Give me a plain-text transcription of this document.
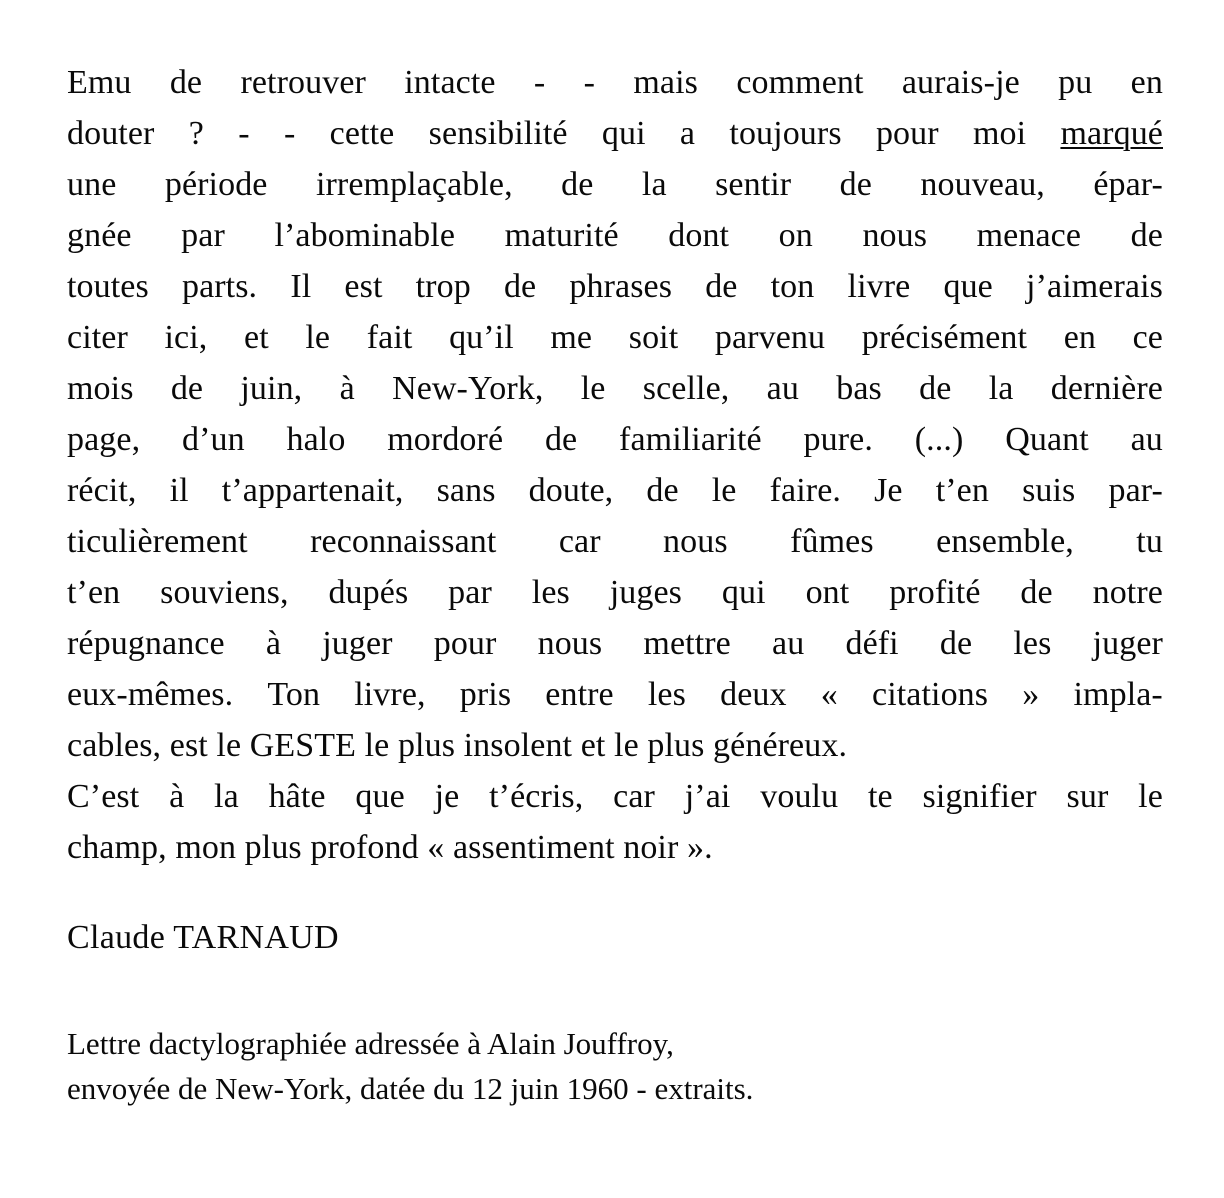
Emu de retrouver intacte - - mais comment aurais-je pu en
douter ? - - cette sensibilité qui a toujours pour moi marqué
une période irremplaçable, de la sentir de nouveau, épar-
gnée par l’abominable maturité dont on nous menace de
toutes parts. Il est trop de phrases de ton livre que j’aimerais
citer ici, et le fait qu’il me soit parvenu précisément en ce
mois de juin, à New-York, le scelle, au bas de la dernière
page, d’un halo mordoré de familiarité pure. (...) Quant au
récit, il t’appartenait, sans doute, de le faire. Je t’en suis par-
ticulièrement reconnaissant car nous fûmes ensemble, tu
t’en souviens, dupés par les juges qui ont profité de notre
répugnance à juger pour nous mettre au défi de les juger
eux-mêmes. Ton livre, pris entre les deux « citations » impla-
cables, est le GESTE le plus insolent et le plus généreux.
C’est à la hâte que je t’écris, car j’ai voulu te signifier sur le
champ, mon plus profond « assentiment noir ».
Claude TARNAUD
Lettre dactylographiée adressée à Alain Jouffroy,
envoyée de New-York, datée du 12 juin 1960 - extraits.
